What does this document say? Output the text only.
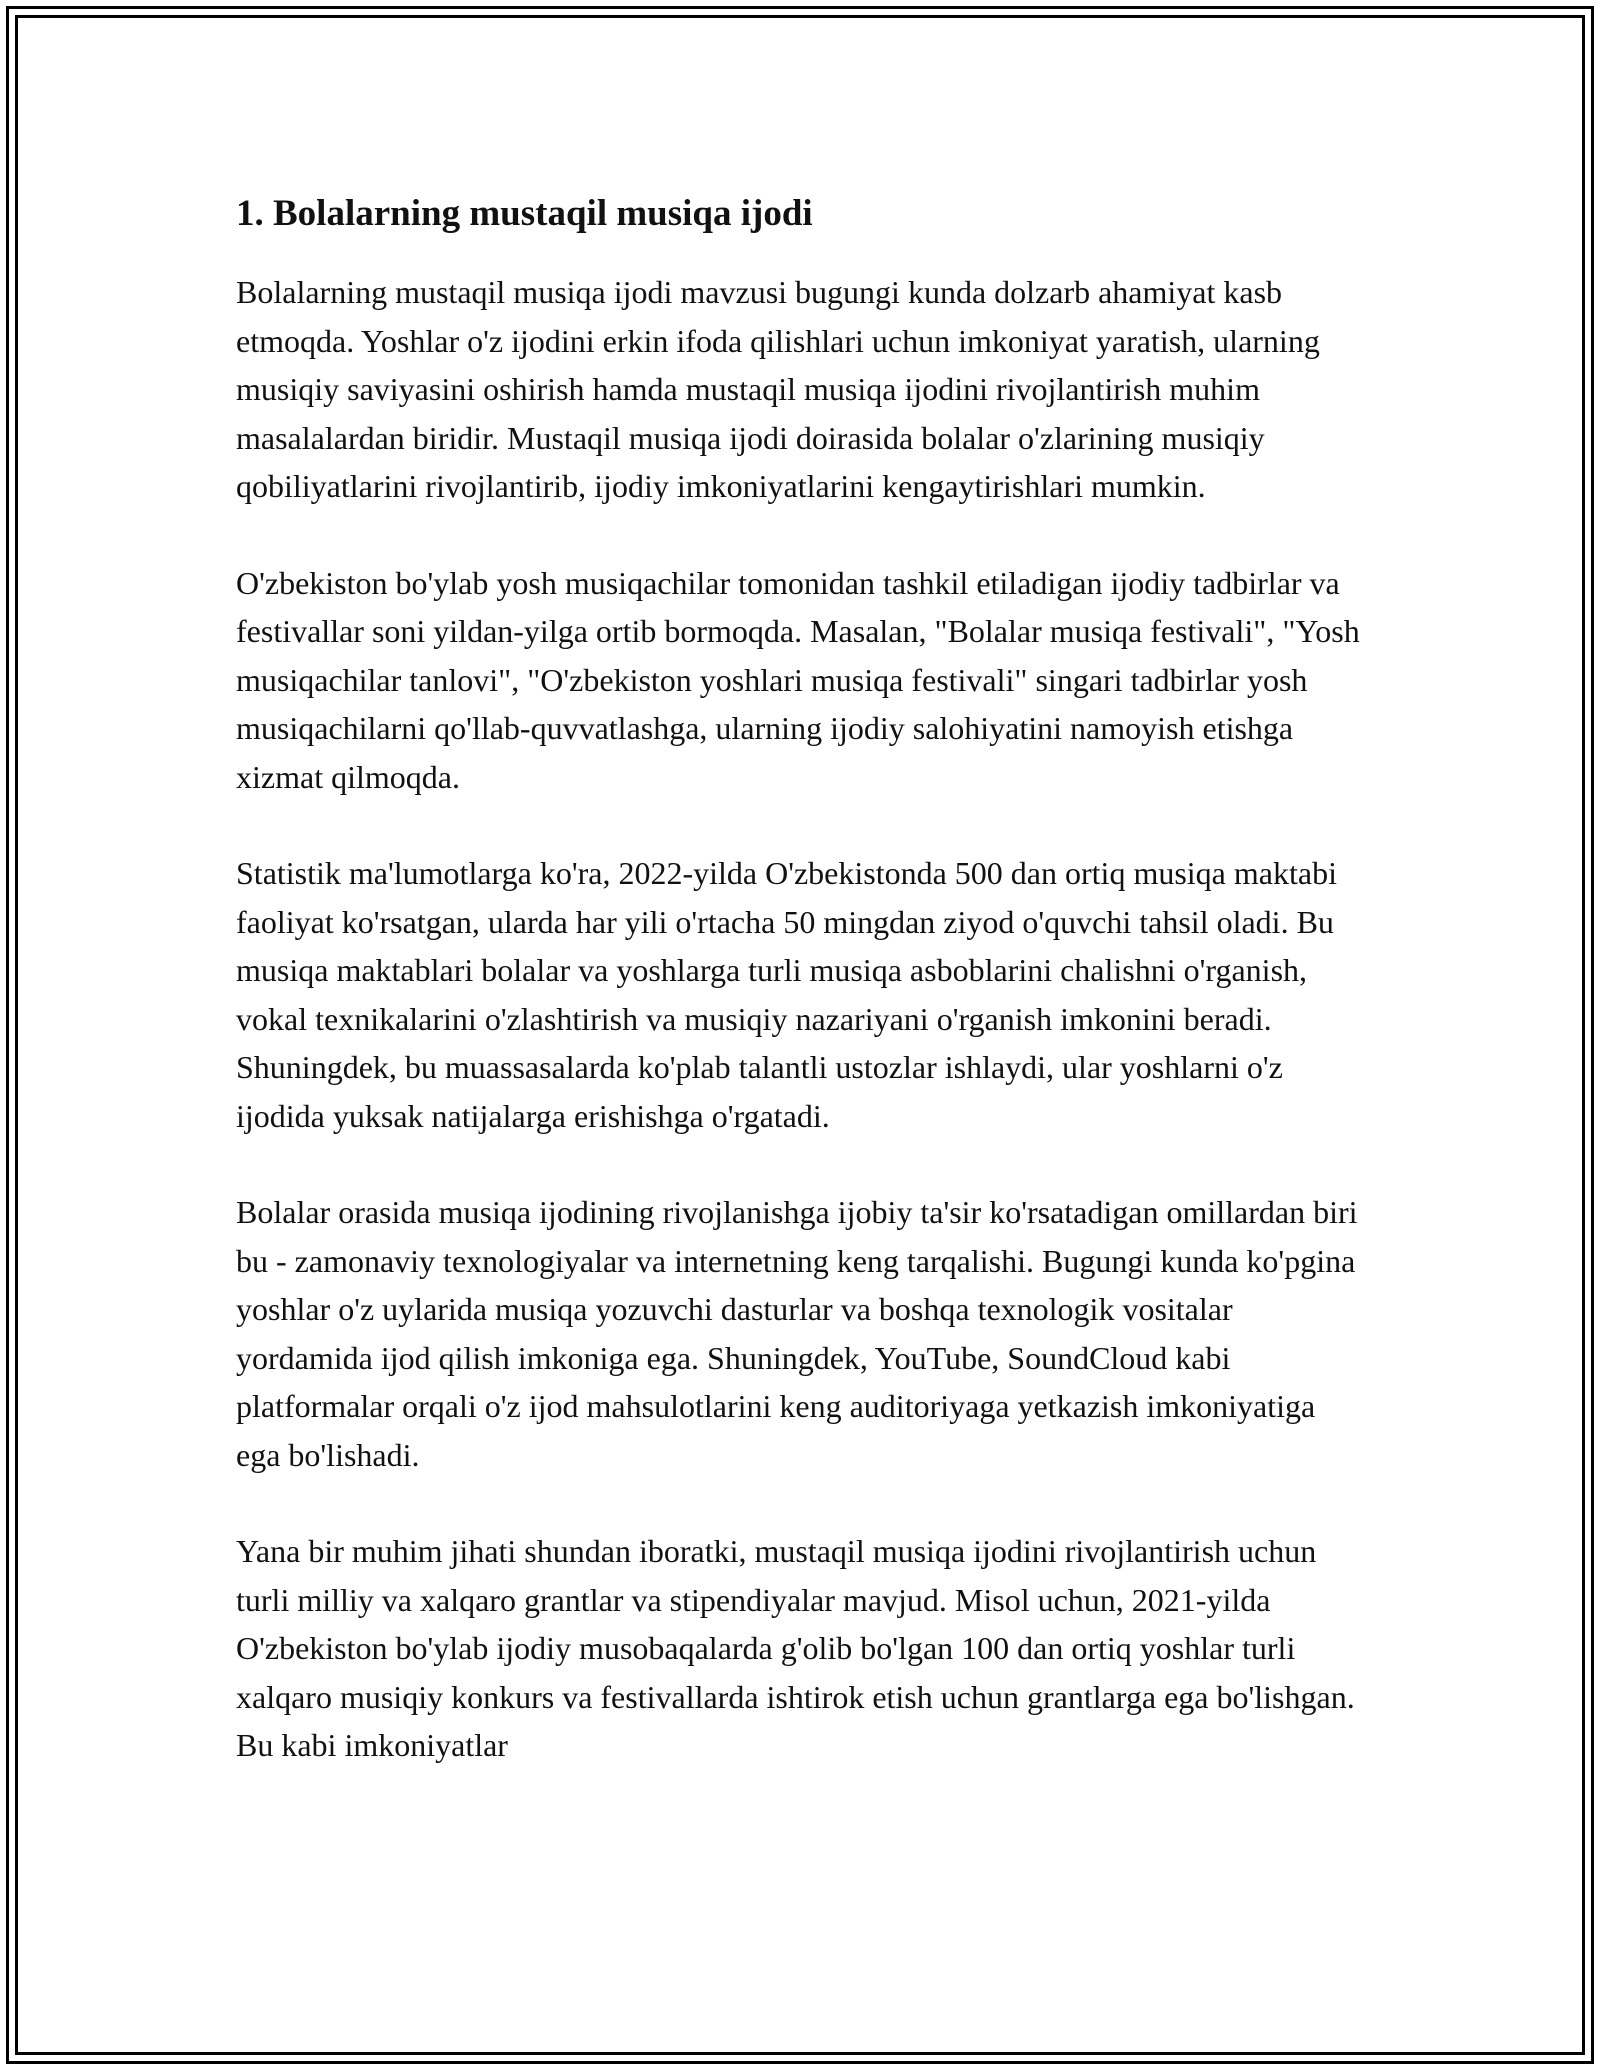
1. Bolalarning mustaqil musiqa ijodi

Bolalarning mustaqil musiqa ijodi mavzusi bugungi kunda dolzarb ahamiyat kasb etmoqda. Yoshlar o'z ijodini erkin ifoda qilishlari uchun imkoniyat yaratish, ularning musiqiy saviyasini oshirish hamda mustaqil musiqa ijodini rivojlantirish muhim masalalardan biridir. Mustaqil musiqa ijodi doirasida bolalar o'zlarining musiqiy qobiliyatlarini rivojlantirib, ijodiy imkoniyatlarini kengaytirishlari mumkin.

O'zbekiston bo'ylab yosh musiqachilar tomonidan tashkil etiladigan ijodiy tadbirlar va festivallar soni yildan-yilga ortib bormoqda. Masalan, "Bolalar musiqa festivali", "Yosh musiqachilar tanlovi", "O'zbekiston yoshlari musiqa festivali" singari tadbirlar yosh musiqachilarni qo'llab-quvvatlashga, ularning ijodiy salohiyatini namoyish etishga xizmat qilmoqda.

Statistik ma'lumotlarga ko'ra, 2022-yilda O'zbekistonda 500 dan ortiq musiqa maktabi faoliyat ko'rsatgan, ularda har yili o'rtacha 50 mingdan ziyod o'quvchi tahsil oladi. Bu musiqa maktablari bolalar va yoshlarga turli musiqa asboblarini chalishni o'rganish, vokal texnikalarini o'zlashtirish va musiqiy nazariyani o'rganish imkonini beradi. Shuningdek, bu muassasalarda ko'plab talantli ustozlar ishlaydi, ular yoshlarni o'z ijodida yuksak natijalarga erishishga o'rgatadi.

Bolalar orasida musiqa ijodining rivojlanishga ijobiy ta'sir ko'rsatadigan omillardan biri bu - zamonaviy texnologiyalar va internetning keng tarqalishi. Bugungi kunda ko'pgina yoshlar o'z uylarida musiqa yozuvchi dasturlar va boshqa texnologik vositalar yordamida ijod qilish imkoniga ega. Shuningdek, YouTube, SoundCloud kabi platformalar orqali o'z ijod mahsulotlarini keng auditoriyaga yetkazish imkoniyatiga ega bo'lishadi.

Yana bir muhim jihati shundan iboratki, mustaqil musiqa ijodini rivojlantirish uchun turli milliy va xalqaro grantlar va stipendiyalar mavjud. Misol uchun, 2021-yilda O'zbekiston bo'ylab ijodiy musobaqalarda g'olib bo'lgan 100 dan ortiq yoshlar turli xalqaro musiqiy konkurs va festivallarda ishtirok etish uchun grantlarga ega bo'lishgan. Bu kabi imkoniyatlar
